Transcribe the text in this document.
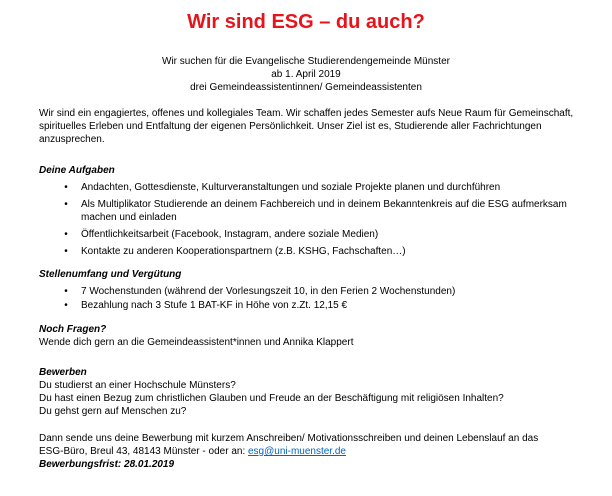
Wir sind ESG – du auch?
Wir suchen für die Evangelische Studierendengemeinde Münster
ab 1. April 2019
drei Gemeindeassistentinnen/ Gemeindeassistenten

Wir sind ein engagiertes, offenes und kollegiales Team. Wir schaffen jedes Semester aufs Neue Raum für Gemeinschaft, spirituelles Erleben und Entfaltung der eigenen Persönlichkeit. Unser Ziel ist es, Studierende aller Fachrichtungen anzusprechen.

Deine Aufgaben

•	Andachten, Gottesdienste, Kulturveranstaltungen und soziale Projekte planen und durchführen
•	Als Multiplikator Studierende an deinem Fachbereich und in deinem Bekanntenkreis auf die ESG aufmerksam machen und einladen
•	Öffentlichkeitsarbeit (Facebook, Instagram, andere soziale Medien)
•	Kontakte zu anderen Kooperationspartnern (z.B. KSHG, Fachschaften…)

Stellenumfang und Vergütung

•	7 Wochenstunden (während der Vorlesungszeit 10, in den Ferien 2 Wochenstunden)
•	Bezahlung nach 3 Stufe 1 BAT-KF in Höhe von z.Zt. 12,15 €

Noch Fragen?

Wende dich gern an die Gemeindeassistent*innen und Annika Klappert

Bewerben

Du studierst an einer Hochschule Münsters?

Du hast einen Bezug zum christlichen Glauben und Freude an der Beschäftigung mit religiösen Inhalten?

Du gehst gern auf Menschen zu?

Dann sende uns deine Bewerbung mit kurzem Anschreiben/ Motivationsschreiben und deinen Lebenslauf an das

ESG-Büro, Breul 43, 48143 Münster - oder an: esg@uni-muenster.de

Bewerbungsfrist: 28.01.2019
